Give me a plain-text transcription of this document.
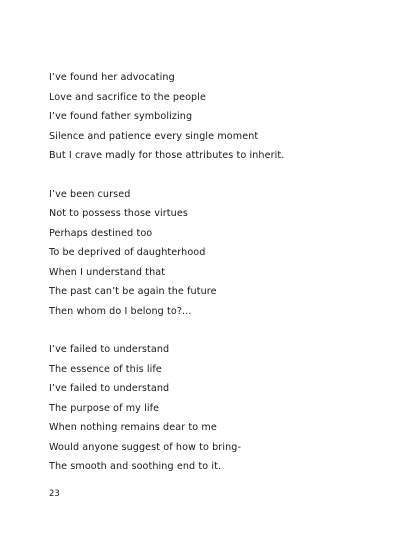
I’ve found her advocating
Love and sacrifice to the people
I’ve found father symbolizing
Silence and patience every single moment
But I crave madly for those attributes to inherit.
I’ve been cursed
Not to possess those virtues
Perhaps destined too
To be deprived of daughterhood
When I understand that
The past can’t be again the future
Then whom do I belong to?...
I’ve failed to understand
The essence of this life
I’ve failed to understand
The purpose of my life
When nothing remains dear to me
Would anyone suggest of how to bring-
The smooth and soothing end to it.
23
